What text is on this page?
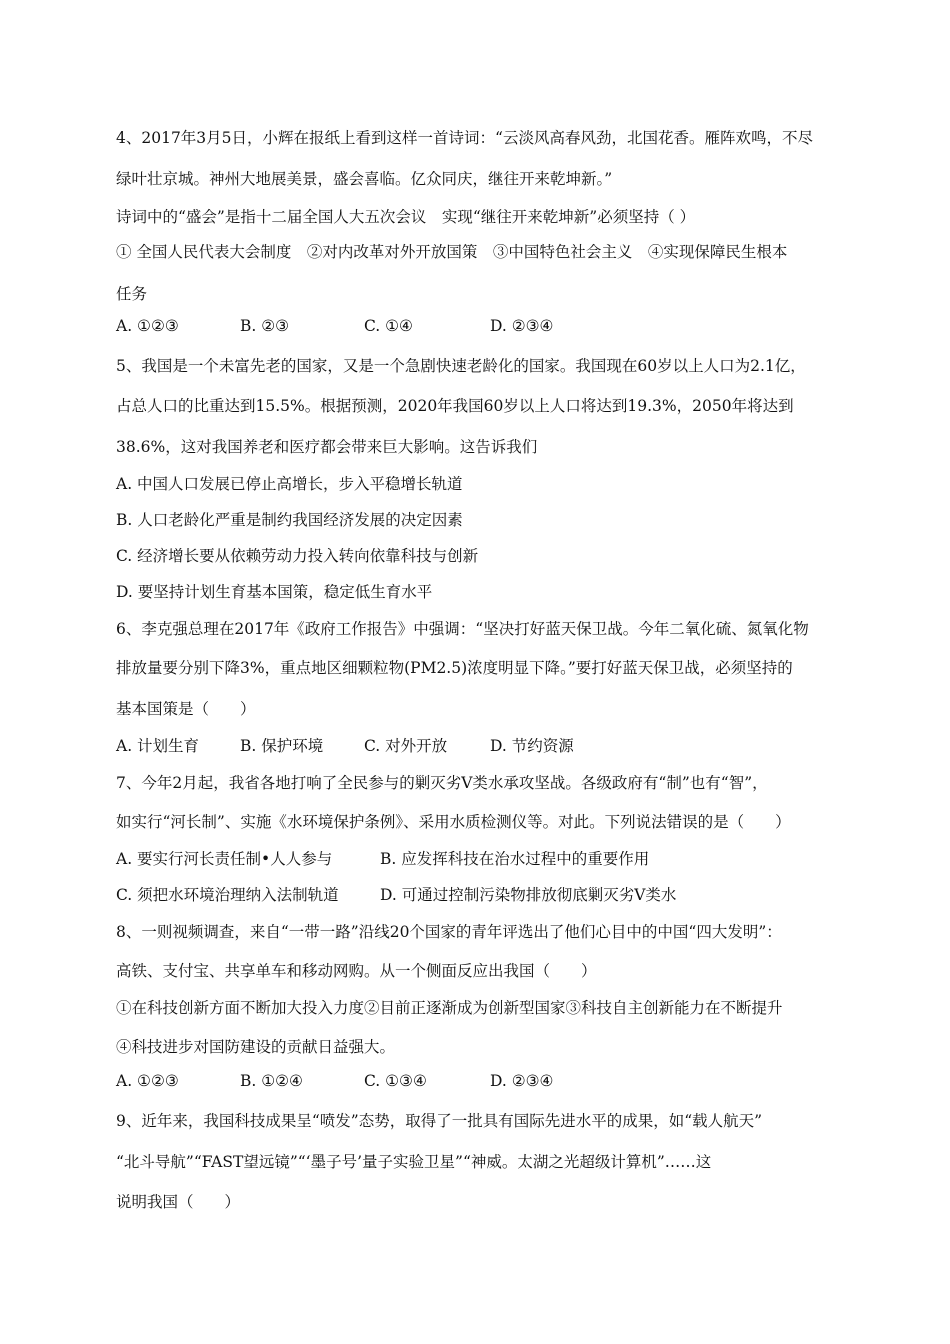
4、2017年3月5日，小辉在报纸上看到这样一首诗词：“云淡风高春风劲，北国花香。雁阵欢鸣，不尽
绿叶壮京城。神州大地展美景，盛会喜临。亿众同庆，继往开来乾坤新。”
诗词中的“盛会”是指十二届全国人大五次会议　实现“继往开来乾坤新”必须坚持（ ）
① 全国人民代表大会制度　②对内改革对外开放国策　③中国特色社会主义　④实现保障民生根本
任务
A. ①②③	B. ②③	C. ①④	D. ②③④
5、我国是一个未富先老的国家，又是一个急剧快速老龄化的国家。我国现在60岁以上人口为2.1亿，
占总人口的比重达到15.5%。根据预测，2020年我国60岁以上人口将达到19.3%，2050年将达到
38.6%，这对我国养老和医疗都会带来巨大影响。这告诉我们
A. 中国人口发展已停止高增长，步入平稳增长轨道
B. 人口老龄化严重是制约我国经济发展的决定因素
C. 经济增长要从依赖劳动力投入转向依靠科技与创新
D. 要坚持计划生育基本国策，稳定低生育水平
6、李克强总理在2017年《政府工作报告》中强调：“坚决打好蓝天保卫战。今年二氧化硫、氮氧化物
排放量要分别下降3%，重点地区细颗粒物(PM2.5)浓度明显下降。”要打好蓝天保卫战，必须坚持的
基本国策是（　　）
A. 计划生育	B. 保护环境	C. 对外开放	D. 节约资源
7、今年2月起，我省各地打响了全民参与的剿灭劣Ⅴ类水承攻坚战。各级政府有“制”也有“智”，
如实行“河长制”、实施《水环境保护条例》、采用水质检测仪等。对此。下列说法错误的是（　　）
A. 要实行河长责任制•人人参与	B. 应发挥科技在治水过程中的重要作用
C. 须把水环境治理纳入法制轨道	D. 可通过控制污染物排放彻底剿灭劣Ⅴ类水
8、一则视频调查，来自“一带一路”沿线20个国家的青年评选出了他们心目中的中国“四大发明”：
高铁、支付宝、共享单车和移动网购。从一个侧面反应出我国（　　）
①在科技创新方面不断加大投入力度②目前正逐渐成为创新型国家③科技自主创新能力在不断提升
④科技进步对国防建设的贡献日益强大。
A. ①②③	B. ①②④	C. ①③④	D. ②③④
9、近年来，我国科技成果呈“喷发”态势，取得了一批具有国际先进水平的成果，如“载人航天”
“北斗导航”“FAST望远镜”“‘墨子号’量子实验卫星”“神威。太湖之光超级计算机”……这
说明我国（　　）
